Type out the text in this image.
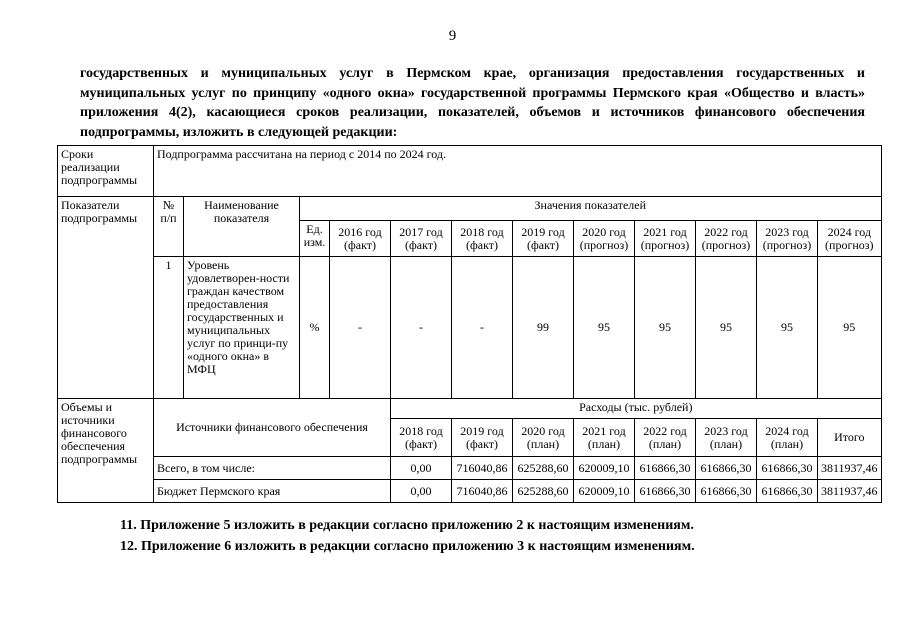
9
государственных и муниципальных услуг в Пермском крае, организация предоставления государственных и муниципальных услуг по принципу «одного окна» государственной программы Пермского края «Общество и власть» приложения 4(2), касающиеся сроков реализации, показателей, объемов и источников финансового обеспечения подпрограммы, изложить в следующей редакции:
Сроки реализации подпрограммы	Подпрограмма рассчитана на период с 2014 по 2024 год.											
Показатели подпрограммы	№ п/п	Наименование показателя	Значения показателей									
			Ед. изм.	2016 год (факт)	2017 год (факт)	2018 год (факт)	2019 год (факт)	2020 год (прогноз)	2021 год (прогноз)	2022 год (прогноз)	2023 год (прогноз)	2024 год (прогноз)
	1	Уровень удовлетворен-ности граждан качеством предоставления государственных и муниципальных услуг по принци-пу «одного окна» в МФЦ	%	-	-	-	99	95	95	95	95	95
Объемы и источники финансового обеспечения подпрограммы	Источники финансового обеспечения				Расходы (тыс. рублей)							
					2018 год (факт)	2019 год (факт)	2020 год (план)	2021 год (план)	2022 год (план)	2023 год (план)	2024 год (план)	Итого
	Всего, в том числе:				0,00	716040,86	625288,60	620009,10	616866,30	616866,30	616866,30	3811937,46
	Бюджет Пермского края				0,00	716040,86	625288,60	620009,10	616866,30	616866,30	616866,30	3811937,46
11. Приложение 5 изложить в редакции согласно приложению 2 к настоящим изменениям.
12. Приложение 6 изложить в редакции согласно приложению 3 к настоящим изменениям.
